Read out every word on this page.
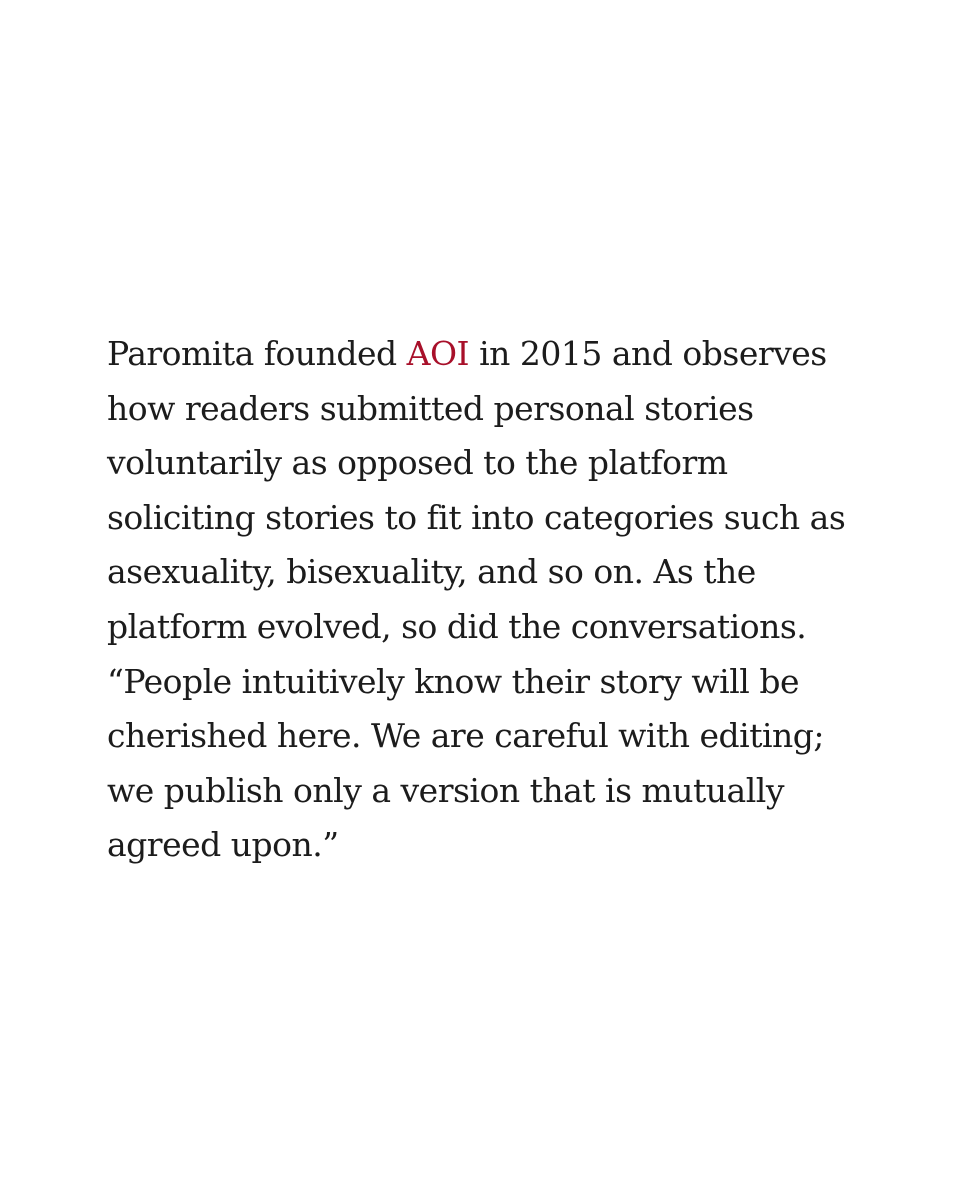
Paromita founded AOI in 2015 and observes
how readers submitted personal stories
voluntarily as opposed to the platform
soliciting stories to fit into categories such as
asexuality, bisexuality, and so on. As the
platform evolved, so did the conversations.
“People intuitively know their story will be
cherished here. We are careful with editing;
we publish only a version that is mutually
agreed upon.”
